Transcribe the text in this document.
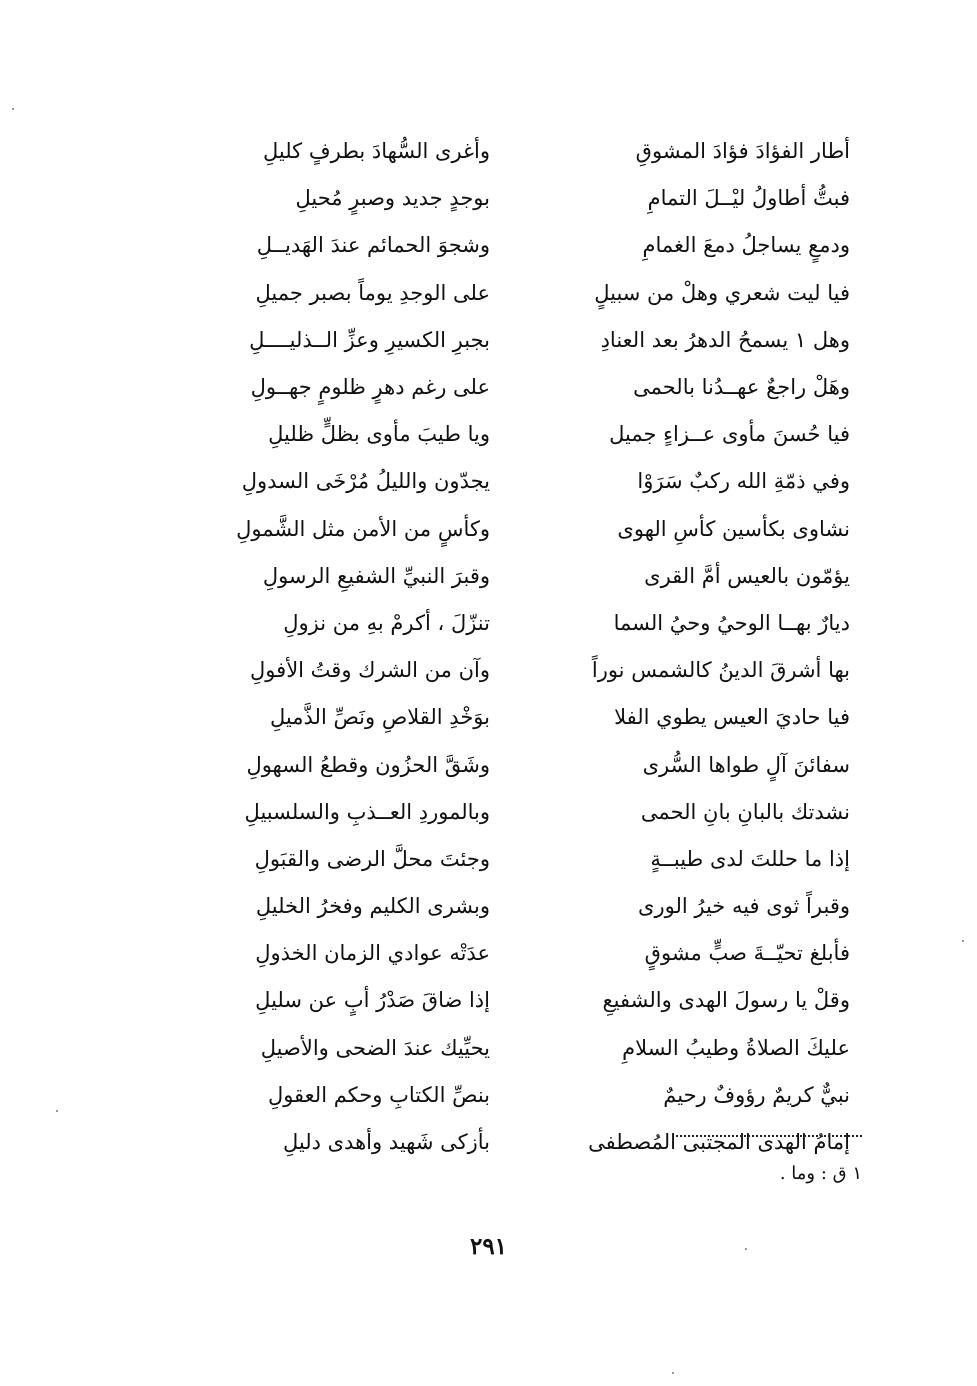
أطار الفؤادَ فؤادَ المشوقِ
وأغرى السُّهادَ بطرفٍ كليلِ
فبتُّ أطاولُ ليْــلَ التمامِ
بوجدٍ جديد وصبرٍ مُحيلِ
ودمعٍ يساجلُ دمعَ الغمامِ
وشجوَ الحمائم عندَ الهَديــلِ
فيا ليت شعري وهلْ من سبيلٍ
على الوجدِ يوماً بصبر جميلِ
وهل ١ يسمحُ الدهرُ بعد العنادِ
بجبرِ الكسيرِ وعزِّ الــذليــــلِ
وهَلْ راجعٌ عهــدُنا بالحمى
على رغم دهرٍ ظلومٍ جهــولِ
فيا حُسنَ مأوى عــزاءٍ جميل
ويا طيبَ مأوى بظلٍّ ظليلِ
وفي ذمّةِ الله ركبٌ سَرَوْا
يجدّون والليلُ مُرْخَى السدولِ
نشاوى بكأسين كأسِ الهوى
وكأسٍ من الأمن مثل الشَّمولِ
يؤمّون بالعيس أمَّ القرى
وقبرَ النبيِّ الشفيعِ الرسولِ
ديارٌ بهــا الوحيُ وحيُ السما
تنزّلَ ، أكرمْ بهِ من نزولِ
بها أشرقَ الدينُ كالشمس نوراً
وآن من الشرك وقتُ الأفولِ
فيا حاديَ العيس يطوي الفلا
بوَخْدِ القلاصِ ونَصِّ الذَّميلِ
سفائنَ آلٍ طواها السُّرى
وشَقَّ الحزُون وقطعُ السهولِ
نشدتك بالبانِ بانِ الحمى
وبالموردِ العــذبِ والسلسبيلِ
إذا ما حللتَ لدى طيبــةٍ
وجئتَ محلَّ الرضى والقبَولِ
وقبراً ثوى فيه خيرُ الورى
وبشرى الكليم وفخرُ الخليلِ
فأبلغ تحيّــةَ صبٍّ مشوقٍ
عدَتْه عوادي الزمان الخذولِ
وقلْ يا رسولَ الهدى والشفيعِ
إذا ضاقَ صَدْرُ أبٍ عن سليلِ
عليكَ الصلاةُ وطيبُ السلامِ
يحيِّيك عندَ الضحى والأصيلِ
نبيٌّ كريمٌ رؤوفٌ رحيمٌ
بنصِّ الكتابِ وحكم العقولِ
إمامُ الهدى المجتبى المُصطفى
بأزكى شَهيد وأهدى دليلِ
١ ق : وما .
٢٩١
